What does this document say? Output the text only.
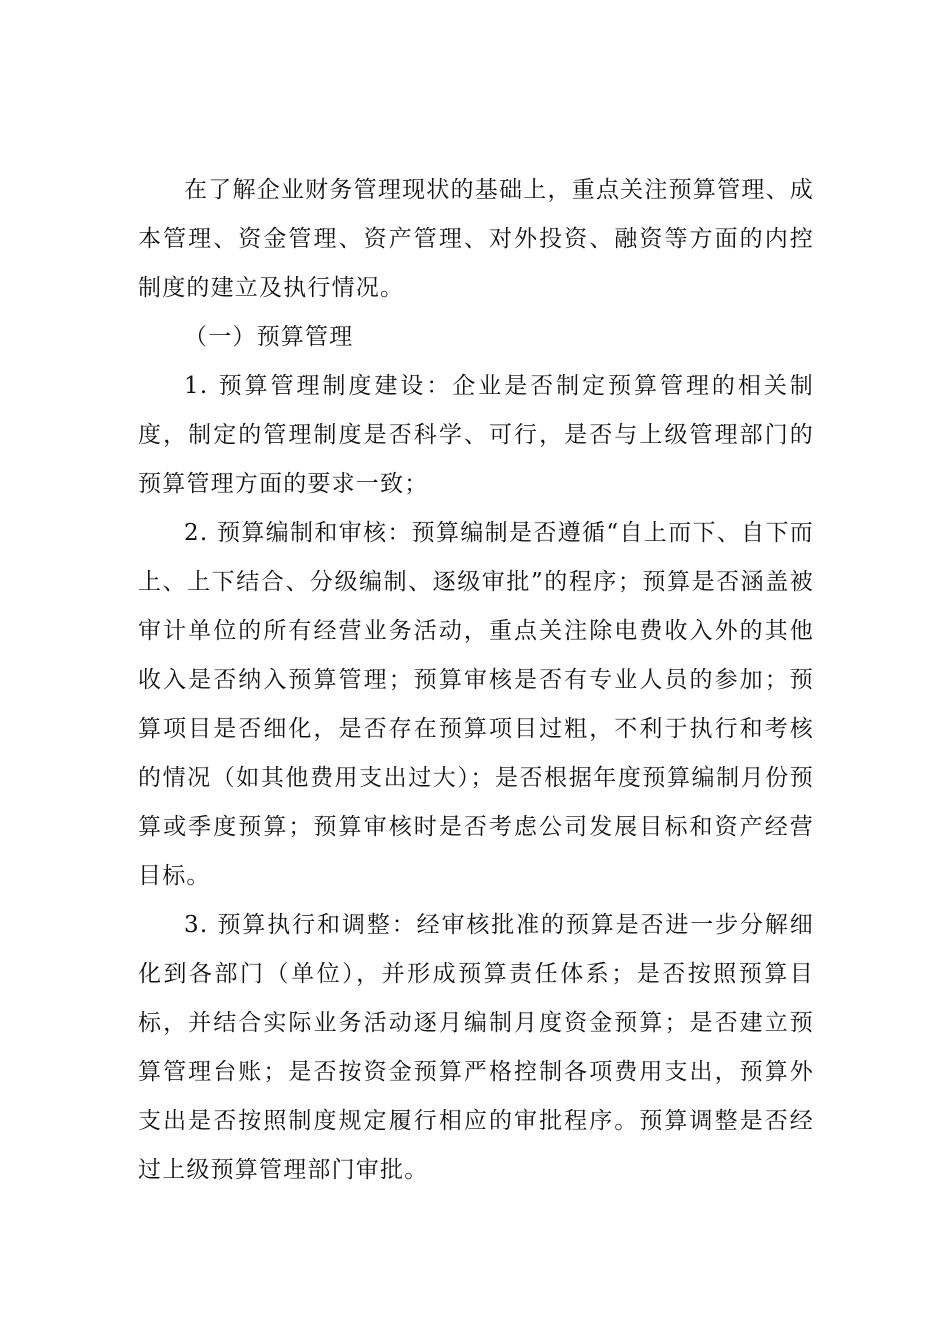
在了解企业财务管理现状的基础上，重点关注预算管理、成本管理、资金管理、资产管理、对外投资、融资等方面的内控制度的建立及执行情况。

（一）预算管理

1. 预算管理制度建设：企业是否制定预算管理的相关制度，制定的管理制度是否科学、可行，是否与上级管理部门的预算管理方面的要求一致；

2. 预算编制和审核：预算编制是否遵循“自上而下、自下而上、上下结合、分级编制、逐级审批”的程序；预算是否涵盖被审计单位的所有经营业务活动，重点关注除电费收入外的其他收入是否纳入预算管理；预算审核是否有专业人员的参加；预算项目是否细化，是否存在预算项目过粗，不利于执行和考核的情况（如其他费用支出过大）；是否根据年度预算编制月份预算或季度预算；预算审核时是否考虑公司发展目标和资产经营目标。

3. 预算执行和调整：经审核批准的预算是否进一步分解细化到各部门（单位），并形成预算责任体系；是否按照预算目标，并结合实际业务活动逐月编制月度资金预算；是否建立预算管理台账；是否按资金预算严格控制各项费用支出，预算外支出是否按照制度规定履行相应的审批程序。预算调整是否经过上级预算管理部门审批。
